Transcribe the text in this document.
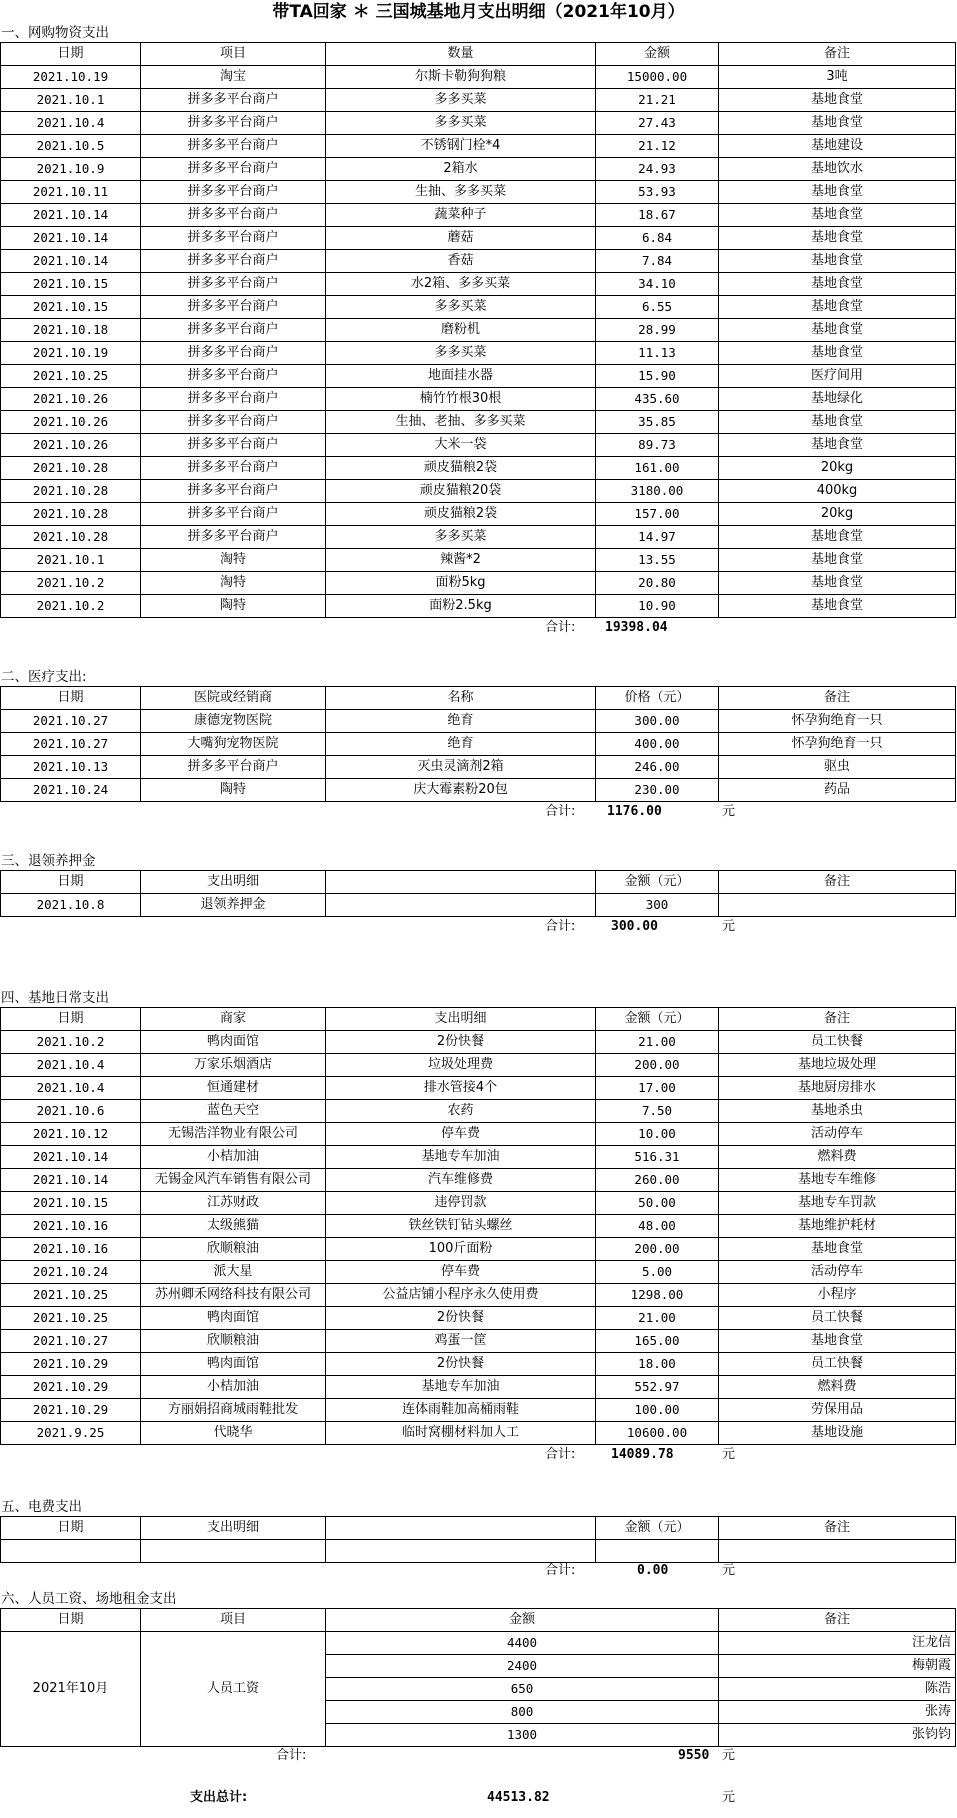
带TA回家 ＊ 三国城基地月支出明细（2021年10月）
一、网购物资支出
日期	项目	数量	金额	备注
2021.10.19	淘宝	尔斯卡勒狗狗粮	15000.00	3吨
2021.10.1	拼多多平台商户	多多买菜	21.21	基地食堂
2021.10.4	拼多多平台商户	多多买菜	27.43	基地食堂
2021.10.5	拼多多平台商户	不锈钢门栓*4	21.12	基地建设
2021.10.9	拼多多平台商户	2箱水	24.93	基地饮水
2021.10.11	拼多多平台商户	生抽、多多买菜	53.93	基地食堂
2021.10.14	拼多多平台商户	蔬菜种子	18.67	基地食堂
2021.10.14	拼多多平台商户	蘑菇	6.84	基地食堂
2021.10.14	拼多多平台商户	香菇	7.84	基地食堂
2021.10.15	拼多多平台商户	水2箱、多多买菜	34.10	基地食堂
2021.10.15	拼多多平台商户	多多买菜	6.55	基地食堂
2021.10.18	拼多多平台商户	磨粉机	28.99	基地食堂
2021.10.19	拼多多平台商户	多多买菜	11.13	基地食堂
2021.10.25	拼多多平台商户	地面挂水器	15.90	医疗间用
2021.10.26	拼多多平台商户	楠竹竹根30根	435.60	基地绿化
2021.10.26	拼多多平台商户	生抽、老抽、多多买菜	35.85	基地食堂
2021.10.26	拼多多平台商户	大米一袋	89.73	基地食堂
2021.10.28	拼多多平台商户	顽皮猫粮2袋	161.00	20kg
2021.10.28	拼多多平台商户	顽皮猫粮20袋	3180.00	400kg
2021.10.28	拼多多平台商户	顽皮猫粮2袋	157.00	20kg
2021.10.28	拼多多平台商户	多多买菜	14.97	基地食堂
2021.10.1	淘特	辣酱*2	13.55	基地食堂
2021.10.2	淘特	面粉5kg	20.80	基地食堂
2021.10.2	陶特	面粉2.5kg	10.90	基地食堂
合计: 19398.04
二、医疗支出:
日期	医院或经销商	名称	价格（元）	备注
2021.10.27	康德宠物医院	绝育	300.00	怀孕狗绝育一只
2021.10.27	大嘴狗宠物医院	绝育	400.00	怀孕狗绝育一只
2021.10.13	拼多多平台商户	灭虫灵滴剂2箱	246.00	驱虫
2021.10.24	陶特	庆大霉素粉20包	230.00	药品
合计: 1176.00	元
三、退领养押金
日期	支出明细		金额（元）	备注
2021.10.8	退领养押金		300	
合计:	300.00	元
四、基地日常支出
日期	商家	支出明细	金额（元）	备注
2021.10.2	鸭肉面馆	2份快餐	21.00	员工快餐
2021.10.4	万家乐烟酒店	垃圾处理费	200.00	基地垃圾处理
2021.10.4	恒通建材	排水管接4个	17.00	基地厨房排水
2021.10.6	蓝色天空	农药	7.50	基地杀虫
2021.10.12	无锡浩洋物业有限公司	停车费	10.00	活动停车
2021.10.14	小桔加油	基地专车加油	516.31	燃料费
2021.10.14	无锡金风汽车销售有限公司	汽车维修费	260.00	基地专车维修
2021.10.15	江苏财政	违停罚款	50.00	基地专车罚款
2021.10.16	太级熊猫	铁丝铁钉钻头螺丝	48.00	基地维护耗材
2021.10.16	欣顺粮油	100斤面粉	200.00	基地食堂
2021.10.24	派大星	停车费	5.00	活动停车
2021.10.25	苏州卿禾网络科技有限公司	公益店铺小程序永久使用费	1298.00	小程序
2021.10.25	鸭肉面馆	2份快餐	21.00	员工快餐
2021.10.27	欣顺粮油	鸡蛋一筐	165.00	基地食堂
2021.10.29	鸭肉面馆	2份快餐	18.00	员工快餐
2021.10.29	小桔加油	基地专车加油	552.97	燃料费
2021.10.29	方丽娟招商城雨鞋批发	连体雨鞋加高桶雨鞋	100.00	劳保用品
2021.9.25	代晓华	临时窝棚材料加人工	10600.00	基地设施
合计:	14089.78	元
五、电费支出
日期	支出明细		金额（元）	备注

合计:	0.00	元
六、人员工资、场地租金支出
日期	项目	金额	备注
2021年10月	人员工资	4400	汪龙信
		2400	梅朝霞
		650	陈浩
		800	张涛
		1300	张钧钧
合计:	9550 元
支出总计:	44513.82	元
